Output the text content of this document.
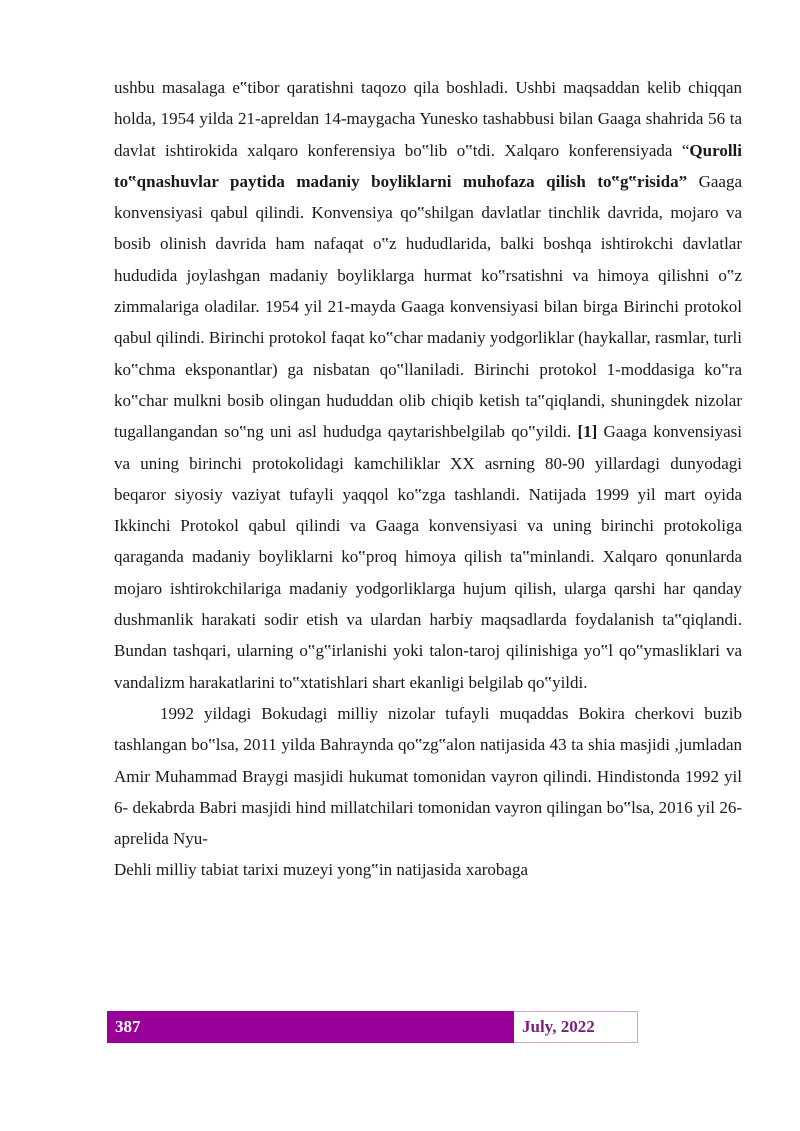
ushbu masalaga e‟tibor qaratishni taqozo qila boshladi. Ushbi maqsaddan kelib chiqqan holda, 1954 yilda 21-apreldan 14-maygacha Yunesko tashabbusi bilan Gaaga shahrida 56 ta davlat ishtirokida xalqaro konferensiya bo‟lib o‟tdi. Xalqaro konferensiyada “Qurolli to‟qnashuvlar paytida madaniy boyliklarni muhofaza qilish to‟g‟risida” Gaaga konvensiyasi qabul qilindi. Konvensiya qo‟shilgan davlatlar tinchlik davrida, mojaro va bosib olinish davrida ham nafaqat o‟z hududlarida, balki boshqa ishtirokchi davlatlar hududida joylashgan madaniy boyliklarga hurmat ko‟rsatishni va himoya qilishni o‟z zimmalariga oladilar. 1954 yil 21-mayda Gaaga konvensiyasi bilan birga Birinchi protokol qabul qilindi. Birinchi protokol faqat ko‟char madaniy yodgorliklar (haykallar, rasmlar, turli ko‟chma eksponantlar) ga nisbatan qo‟llaniladi. Birinchi protokol 1-moddasiga ko‟ra ko‟char mulkni bosib olingan hududdan olib chiqib ketish ta‟qiqlandi, shuningdek nizolar tugallangandan so‟ng uni asl hududga qaytarishbelgilab qo‟yildi. [1] Gaaga konvensiyasi va uning birinchi protokolidagi kamchiliklar XX asrning 80-90 yillardagi dunyodagi beqaror siyosiy vaziyat tufayli yaqqol ko‟zga tashlandi. Natijada 1999 yil mart oyida Ikkinchi Protokol qabul qilindi va Gaaga konvensiyasi va uning birinchi protokoliga qaraganda madaniy boyliklarni ko‟proq himoya qilish ta‟minlandi. Xalqaro qonunlarda mojaro ishtirokchilariga madaniy yodgorliklarga hujum qilish, ularga qarshi har qanday dushmanlik harakati sodir etish va ulardan harbiy maqsadlarda foydalanish ta‟qiqlandi. Bundan tashqari, ularning o‟g‟irlanishi yoki talon-taroj qilinishiga yo‟l qo‟ymasliklari va vandalizm harakatlarini to‟xtatishlari shart ekanligi belgilab qo‟yildi.

1992 yildagi Bokudagi milliy nizolar tufayli muqaddas Bokira cherkovi buzib tashlangan bo‟lsa, 2011 yilda Bahraynda qo‟zg‟alon natijasida 43 ta shia masjidi ,jumladan Amir Muhammad Braygi masjidi hukumat tomonidan vayron qilindi. Hindistonda 1992 yil 6- dekabrda Babri masjidi hind millatchilari tomonidan vayron qilingan bo‟lsa, 2016 yil 26- aprelida Nyu-

Dehli milliy tabiat tarixi muzeyi yong‟in natijasida xarobaga

387	July, 2022
